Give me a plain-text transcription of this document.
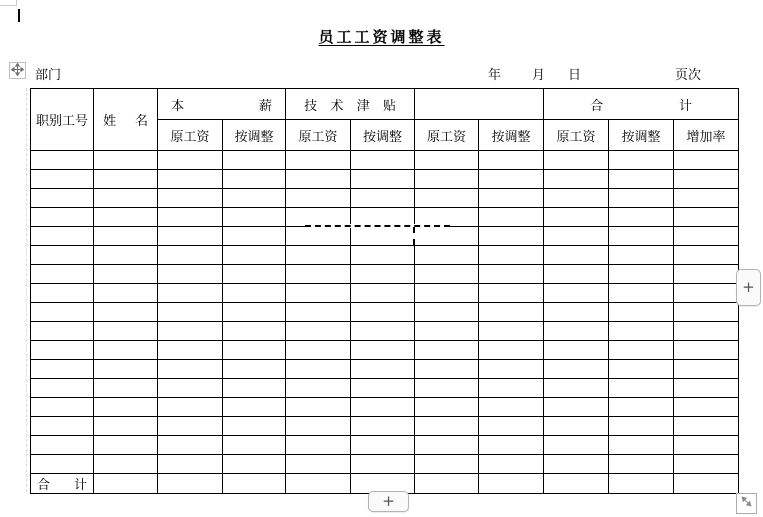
员工工资调整表
部门	年 月 日	页次
职 别 工 号	姓 名	本 薪		技 术 津 贴				合 计		

		原工资	按调整	原工资	按调整	原工资	按调整	原工资	按调整	增加率

合 计										

+
+
